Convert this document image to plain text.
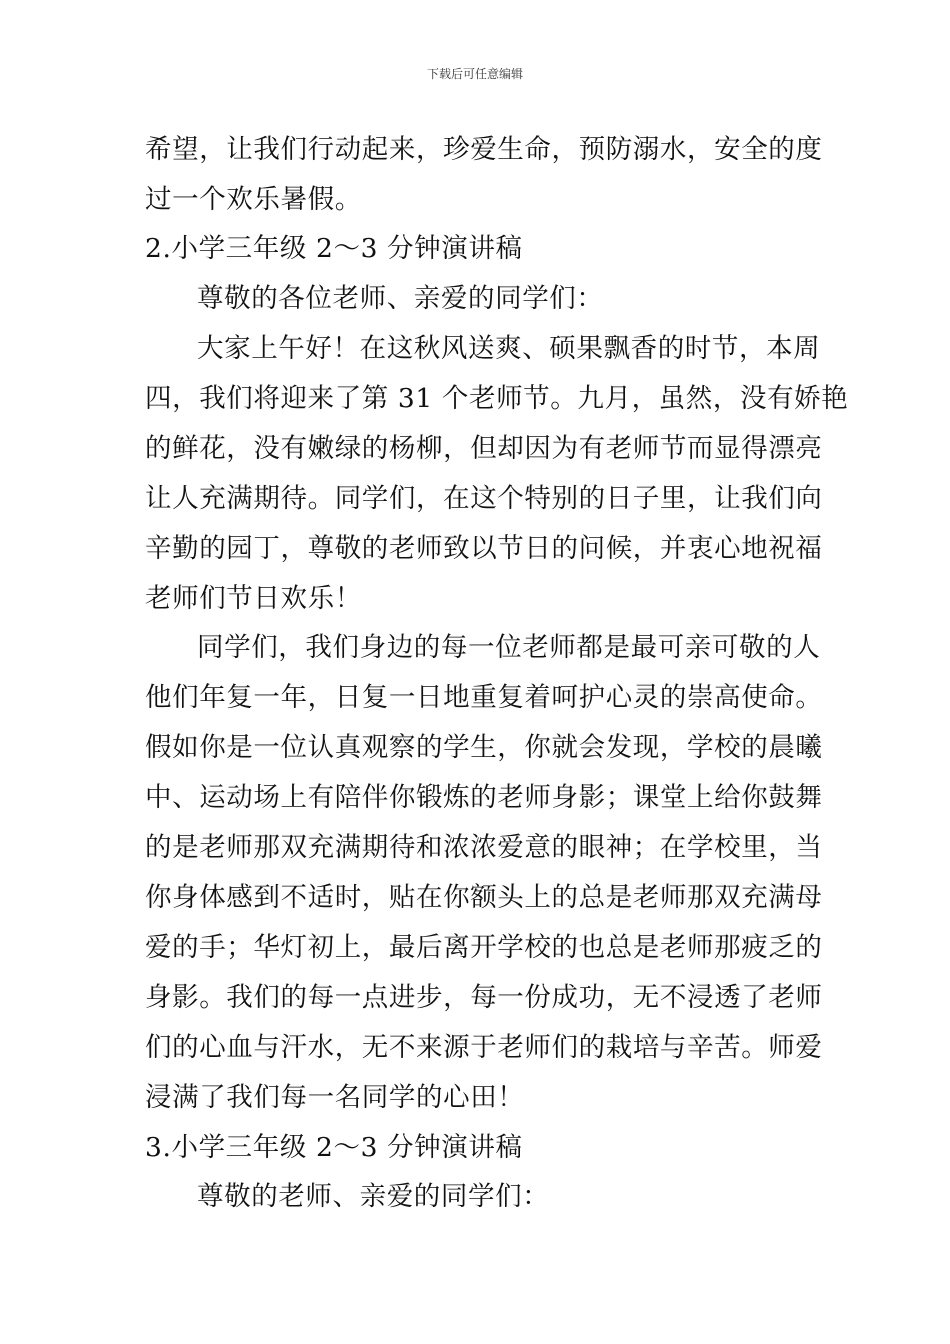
下载后可任意编辑
希望，让我们行动起来，珍爱生命，预防溺水，安全的度
过一个欢乐暑假。
2.小学三年级 2～3 分钟演讲稿
尊敬的各位老师、亲爱的同学们：
大家上午好！在这秋风送爽、硕果飘香的时节，本周
四，我们将迎来了第 31 个老师节。九月，虽然，没有娇艳
的鲜花，没有嫩绿的杨柳，但却因为有老师节而显得漂亮
让人充满期待。同学们，在这个特别的日子里，让我们向
辛勤的园丁，尊敬的老师致以节日的问候，并衷心地祝福
老师们节日欢乐！
同学们，我们身边的每一位老师都是最可亲可敬的人
他们年复一年，日复一日地重复着呵护心灵的崇高使命。
假如你是一位认真观察的学生，你就会发现，学校的晨曦
中、运动场上有陪伴你锻炼的老师身影；课堂上给你鼓舞
的是老师那双充满期待和浓浓爱意的眼神；在学校里，当
你身体感到不适时，贴在你额头上的总是老师那双充满母
爱的手；华灯初上，最后离开学校的也总是老师那疲乏的
身影。我们的每一点进步，每一份成功，无不浸透了老师
们的心血与汗水，无不来源于老师们的栽培与辛苦。师爱
浸满了我们每一名同学的心田！
3.小学三年级 2～3 分钟演讲稿
尊敬的老师、亲爱的同学们：
